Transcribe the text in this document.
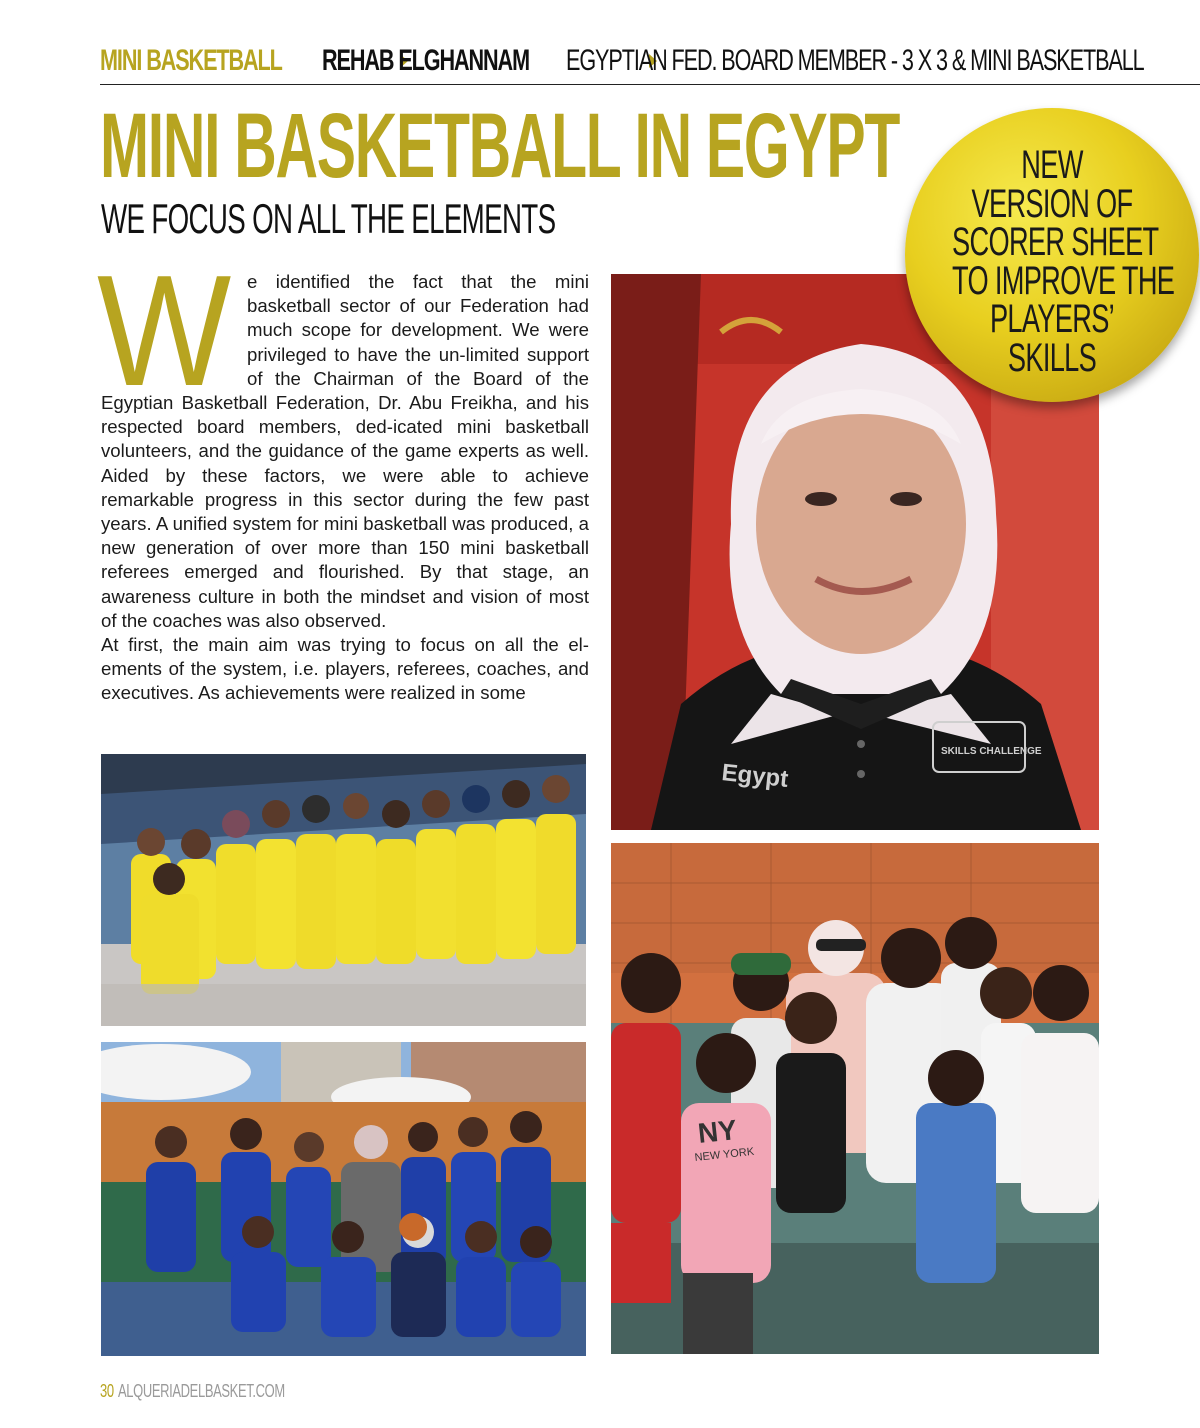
MINI BASKETBALL REHAB ELGHANNAM EGYPTIAN FED. BOARD MEMBER - 3 X 3 & MINI BASKETBALL
MINI BASKETBALL IN EGYPT
WE FOCUS ON ALL THE ELEMENTS
W e identified the fact that the mini basketball sector of our Federation had much scope for development. We were privileged to have the un-limited support of the Chairman of the Board of the Egyptian Basketball Federation, Dr. Abu Freikha, and his respected board members, ded-icated mini basketball volunteers, and the guidance of the game experts as well. Aided by these factors, we were able to achieve remarkable progress in this sector during the few past years. A unified system for mini basketball was produced, a new generation of over more than 150 mini basketball referees emerged and flourished. By that stage, an awareness culture in both the mindset and vision of most of the coaches was also observed.

At first, the main aim was trying to focus on all the el-ements of the system, i.e. players, referees, coaches, and executives. As achievements were realized in some

Egypt
SKILLS CHALLENGE
NY
NEW YORK
NEW
VERSION OF
SCORER SHEET
TO IMPROVE THE
PLAYERS’
SKILLS
30 ALQUERIADELBASKET.COM
